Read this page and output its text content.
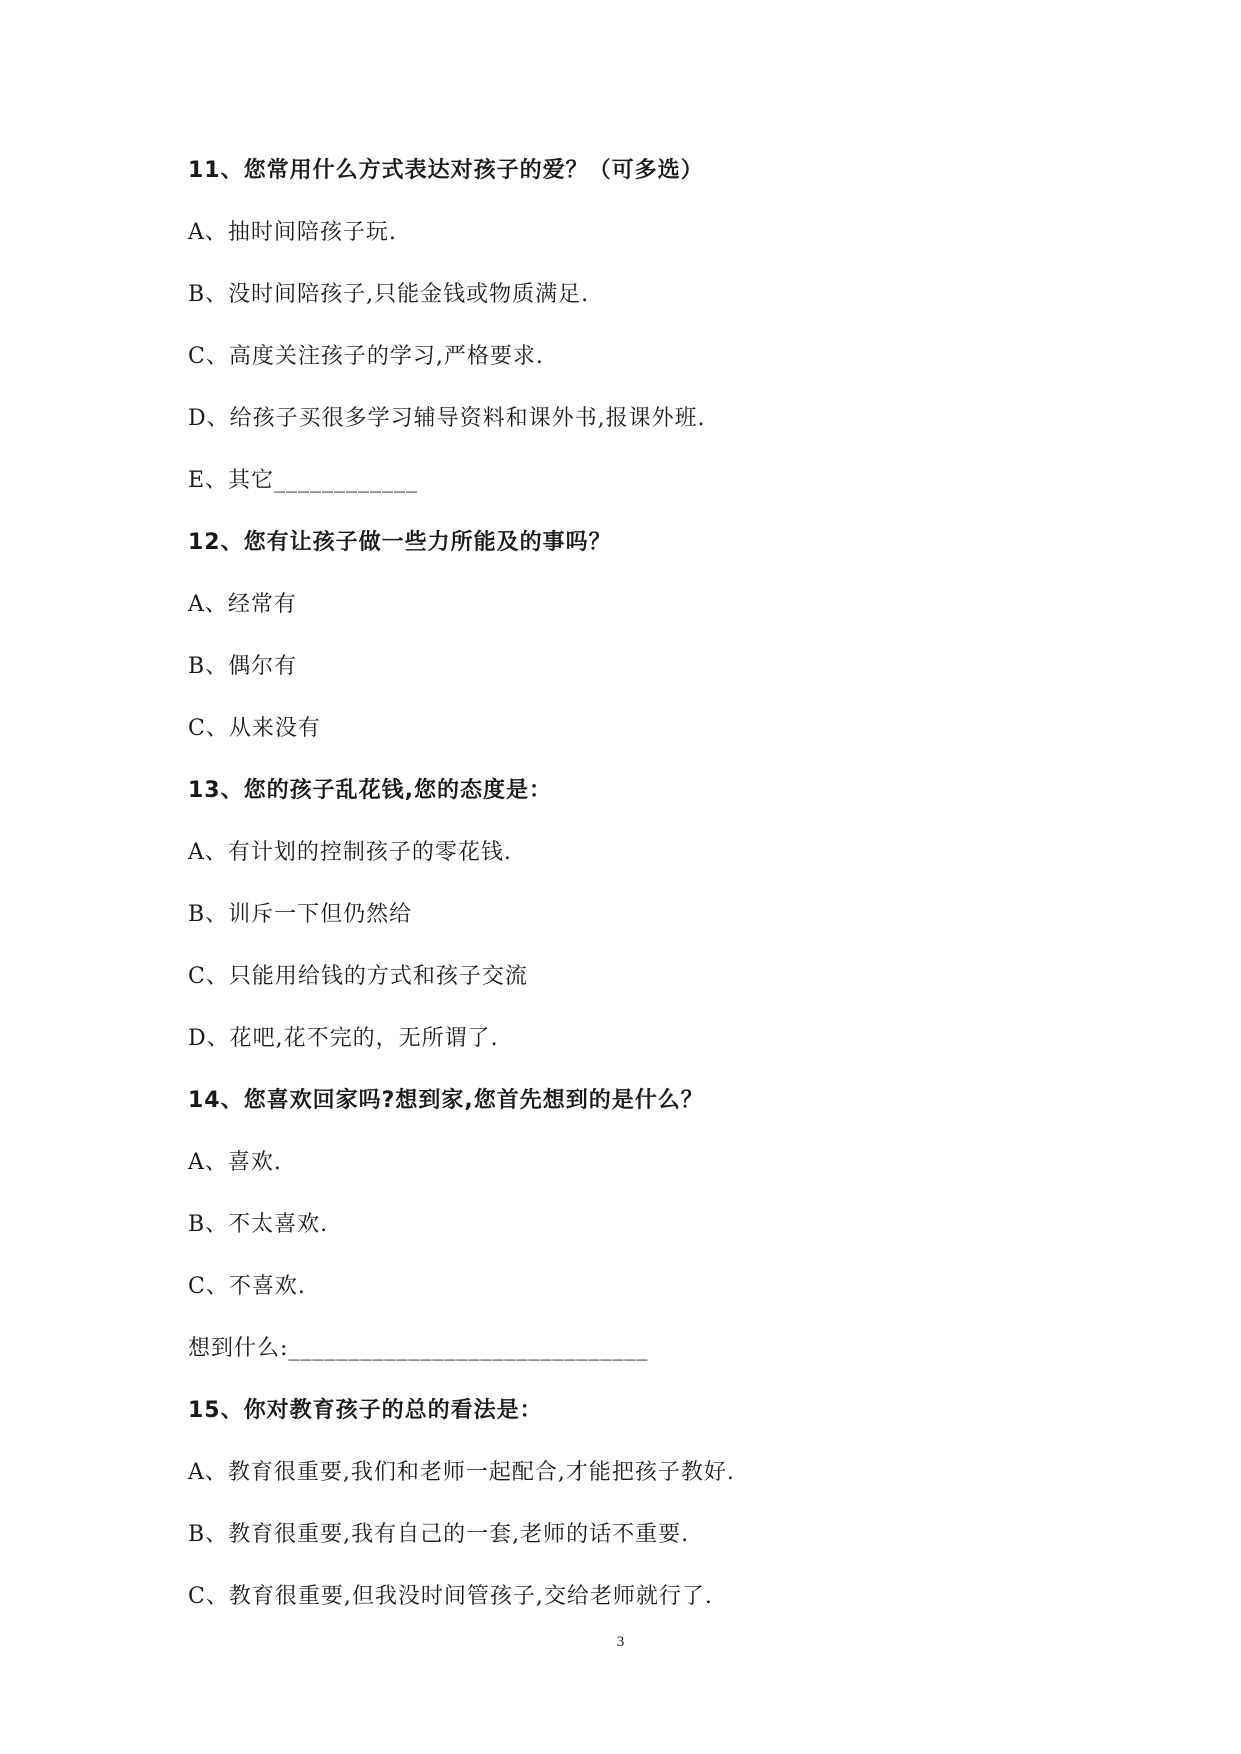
11、您常用什么方式表达对孩子的爱？（可多选）
A、抽时间陪孩子玩.
B、没时间陪孩子,只能金钱或物质满足.
C、高度关注孩子的学习,严格要求.
D、给孩子买很多学习辅导资料和课外书,报课外班.
E、其它____________
12、您有让孩子做一些力所能及的事吗？
A、经常有
B、偶尔有
C、从来没有
13、您的孩子乱花钱,您的态度是：
A、有计划的控制孩子的零花钱.
B、训斥一下但仍然给
C、只能用给钱的方式和孩子交流
D、花吧,花不完的，无所谓了.
14、您喜欢回家吗?想到家,您首先想到的是什么？
A、喜欢.
B、不太喜欢.
C、不喜欢.
想到什么:______________________________
15、你对教育孩子的总的看法是：
A、教育很重要,我们和老师一起配合,才能把孩子教好.
B、教育很重要,我有自己的一套,老师的话不重要.
C、教育很重要,但我没时间管孩子,交给老师就行了.
3
